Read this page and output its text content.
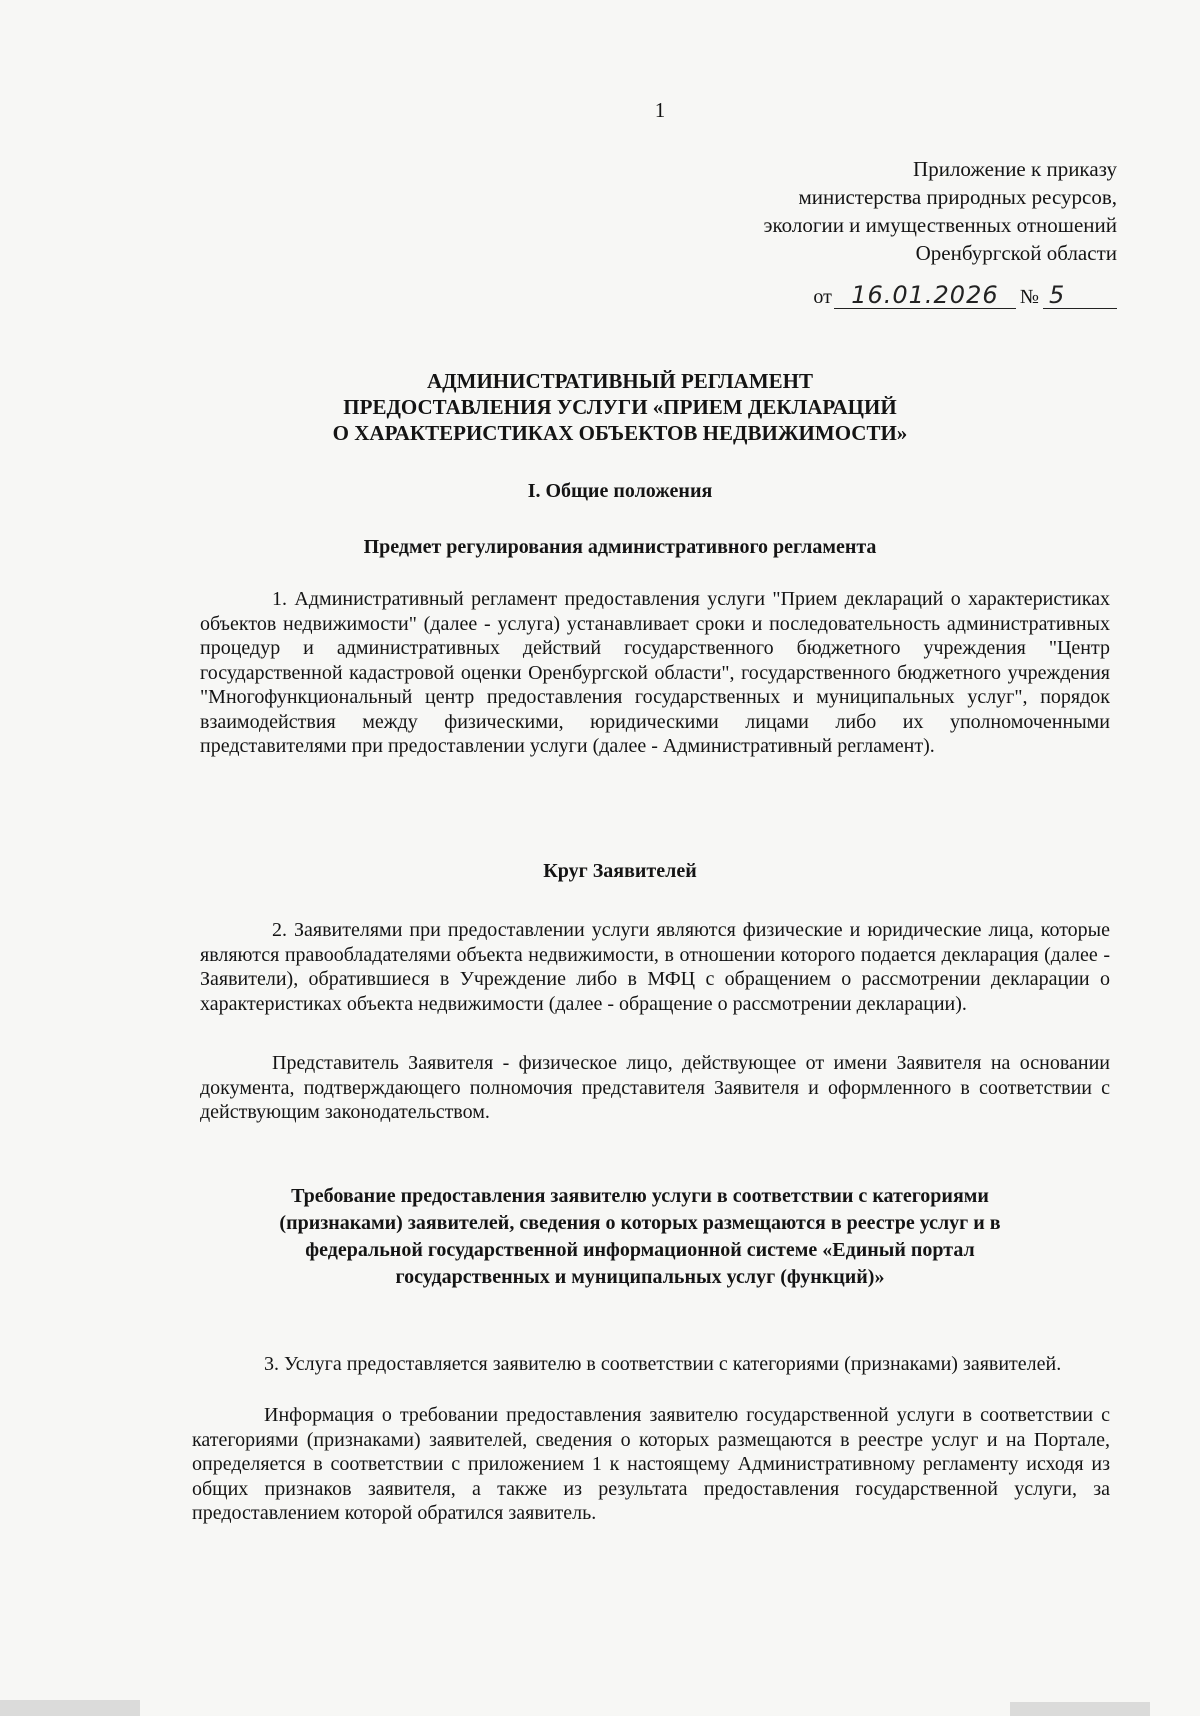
1
Приложение к приказу
министерства природных ресурсов,
экологии и имущественных отношений
Оренбургской области
от 16.01.2026	№ 5
АДМИНИСТРАТИВНЫЙ РЕГЛАМЕНТ
ПРЕДОСТАВЛЕНИЯ УСЛУГИ «ПРИЕМ ДЕКЛАРАЦИЙ
О ХАРАКТЕРИСТИКАХ ОБЪЕКТОВ НЕДВИЖИМОСТИ»
I. Общие положения
Предмет регулирования административного регламента
1. Административный регламент предоставления услуги "Прием деклараций о характеристиках объектов недвижимости" (далее - услуга) устанавливает сроки и последовательность административных процедур и административных действий государственного бюджетного учреждения "Центр государственной кадастровой оценки Оренбургской области", государственного бюджетного учреждения "Многофункциональный центр предоставления государственных и муниципальных услуг", порядок взаимодействия между физическими, юридическими лицами либо их уполномоченными представителями при предоставлении услуги (далее - Административный регламент).
Круг Заявителей
2. Заявителями при предоставлении услуги являются физические и юридические лица, которые являются правообладателями объекта недвижимости, в отношении которого подается декларация (далее - Заявители), обратившиеся в Учреждение либо в МФЦ с обращением о рассмотрении декларации о характеристиках объекта недвижимости (далее - обращение о рассмотрении декларации).
Представитель Заявителя - физическое лицо, действующее от имени Заявителя на основании документа, подтверждающего полномочия представителя Заявителя и оформленного в соответствии с действующим законодательством.
Требование предоставления заявителю услуги в соответствии с категориями
(признаками) заявителей, сведения о которых размещаются в реестре услуг и в
федеральной государственной информационной системе «Единый портал
государственных и муниципальных услуг (функций)»
3. Услуга предоставляется заявителю в соответствии с категориями (признаками) заявителей.
Информация о требовании предоставления заявителю государственной услуги в соответствии с категориями (признаками) заявителей, сведения о которых размещаются в реестре услуг и на Портале, определяется в соответствии с приложением 1 к настоящему Административному регламенту исходя из общих признаков заявителя, а также из результата предоставления государственной услуги, за предоставлением которой обратился заявитель.
